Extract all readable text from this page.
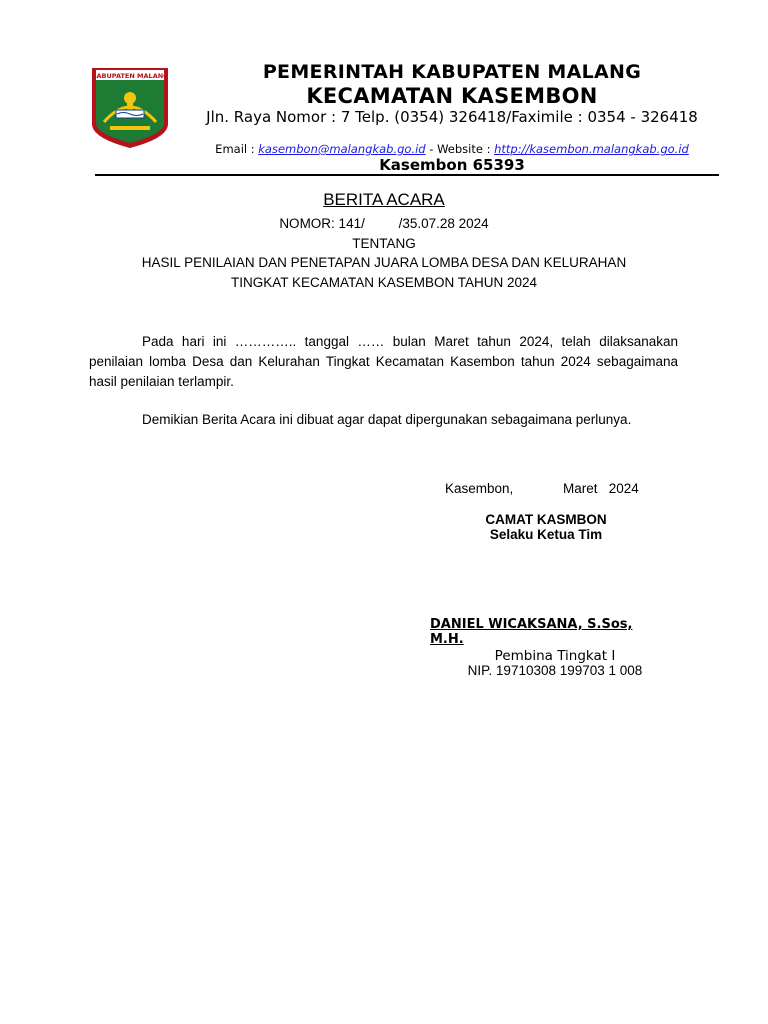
KABUPATEN MALANG	PEMERINTAH KABUPATEN MALANG
KECAMATAN KASEMBON
Jln. Raya Nomor : 7 Telp. (0354) 326418/Faximile : 0354 - 326418
Email : kasembon@malangkab.go.id - Website : http://kasembon.malangkab.go.id
Kasembon 65393
BERITA ACARA
NOMOR: 141/         /35.07.28 2024
TENTANG
HASIL PENILAIAN DAN PENETAPAN JUARA LOMBA DESA DAN KELURAHAN
TINGKAT KECAMATAN KASEMBON TAHUN 2024
Pada hari ini ………….. tanggal …… bulan Maret tahun 2024, telah dilaksanakan penilaian lomba Desa dan Kelurahan Tingkat Kecamatan Kasembon tahun 2024 sebagaimana hasil penilaian terlampir.
Demikian Berita Acara ini dibuat agar dapat dipergunakan sebagaimana perlunya.
Kasembon,	Maret   2024
CAMAT KASMBON
Selaku Ketua Tim
DANIEL WICAKSANA, S.Sos, M.H.
Pembina Tingkat I
NIP. 19710308 199703 1 008
